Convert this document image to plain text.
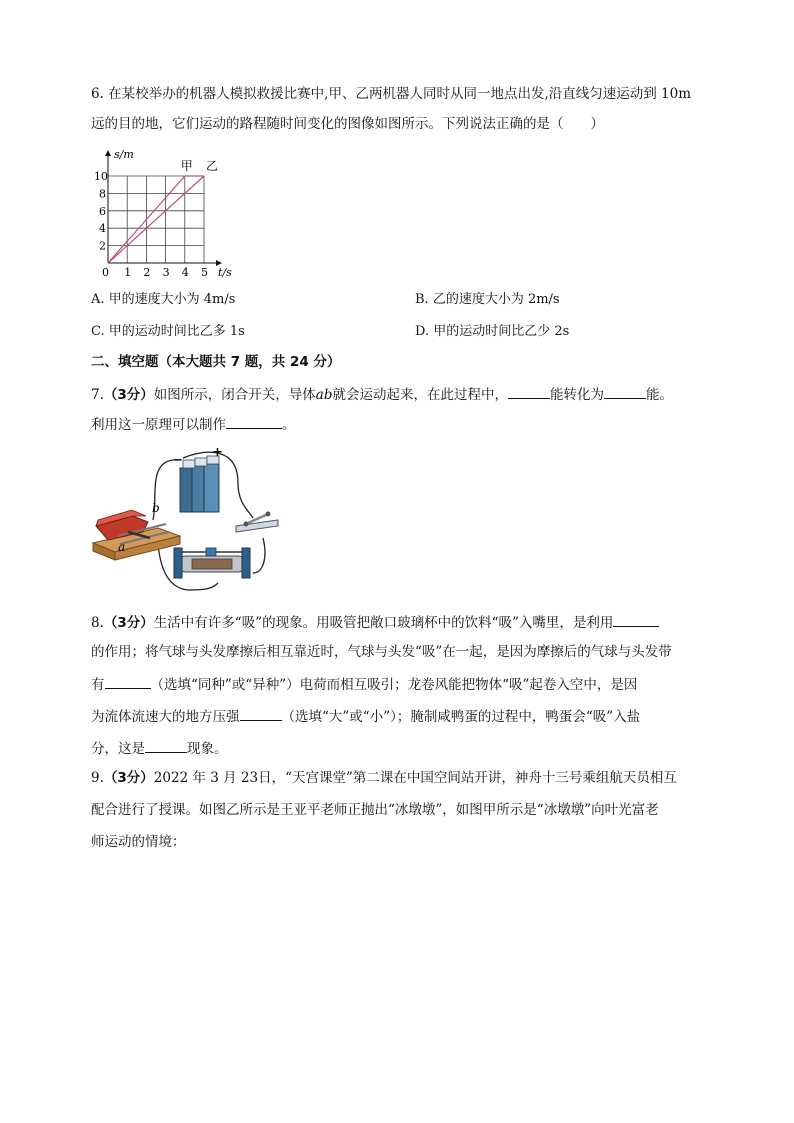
6. 在某校举办的机器人模拟救援比赛中,甲、乙两机器人同时从同一地点出发,沿直线匀速运动到 10m
远的目的地，它们运动的路程随时间变化的图像如图所示。下列说法正确的是（　　）
0 1 2 3 4 5
2
4
6
8
10
t/s
s/m
甲 乙
A. 甲的速度大小为 4m/s	B. 乙的速度大小为 2m/s
C. 甲的运动时间比乙多 1s	D. 甲的运动时间比乙少 2s
二、填空题（本大题共 7 题，共 24 分）
7.（3分）如图所示，闭合开关，导体ab就会运动起来，在此过程中，	能转化为	能。
利用这一原理可以制作	。
−
+
b
a
8.（3分）生活中有许多“吸”的现象。用吸管把敞口玻璃杯中的饮料“吸”入嘴里，是利用
的作用；将气球与头发摩擦后相互靠近时，气球与头发“吸”在一起，是因为摩擦后的气球与头发带
有	（选填“同种”或“异种”）电荷而相互吸引；龙卷风能把物体“吸”起卷入空中，是因
为流体流速大的地方压强	（选填“大”或“小”）；腌制咸鸭蛋的过程中，鸭蛋会“吸”入盐
分，这是	现象。
9.（3分）2022 年 3 月 23日，“天宫课堂”第二课在中国空间站开讲，神舟十三号乘组航天员相互
配合进行了授课。如图乙所示是王亚平老师正抛出“冰墩墩”，如图甲所示是“冰墩墩”向叶光富老
师运动的情境：
